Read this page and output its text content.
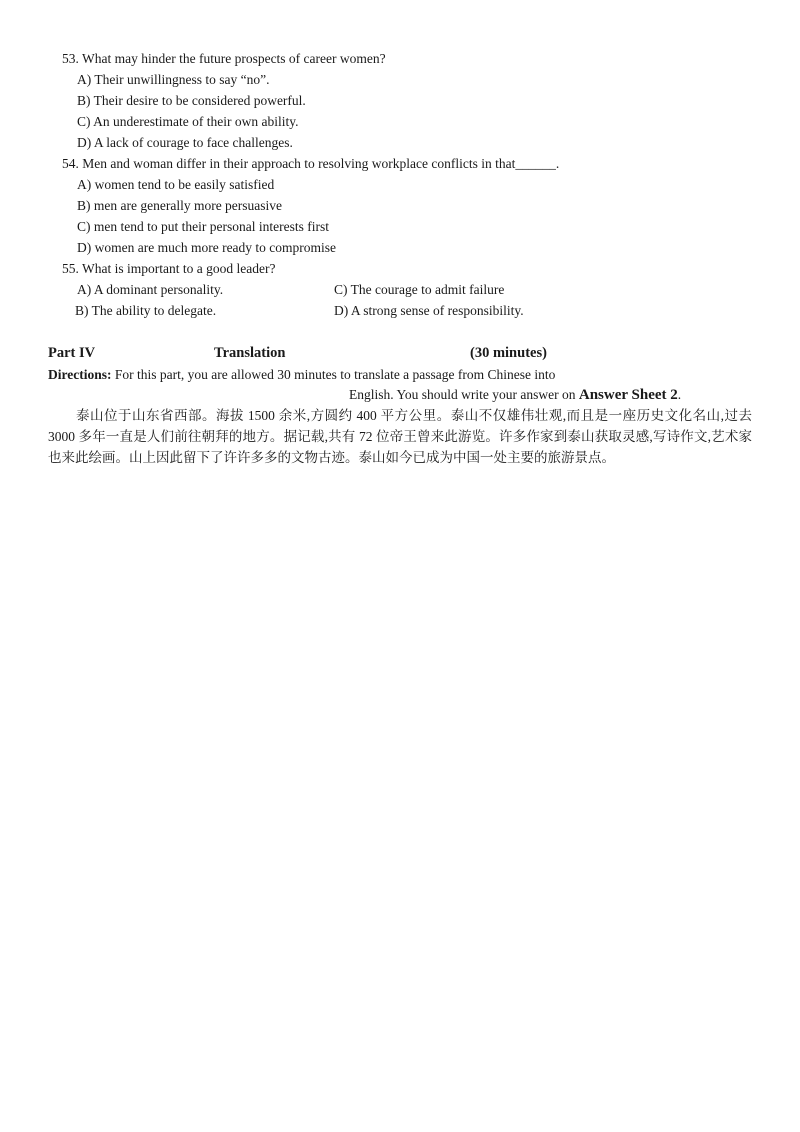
53. What may hinder the future prospects of career women?
A) Their unwillingness to say “no”.
B) Their desire to be considered powerful.
C) An underestimate of their own ability.
D) A lack of courage to face challenges.
54. Men and woman differ in their approach to resolving workplace conflicts in that______.
A) women tend to be easily satisfied
B) men are generally more persuasive
C) men tend to put their personal interests first
D) women are much more ready to compromise
55. What is important to a good leader?
A) A dominant personality.	C) The courage to admit failure
B) The ability to delegate.	D) A strong sense of responsibility.
Part IV	Translation	(30 minutes)
Directions: For this part, you are allowed 30 minutes to translate a passage from Chinese into
English. You should write your answer on Answer Sheet 2.
泰山位于山东省西部。海拔 1500 余米,方圆约 400 平方公里。泰山不仅雄伟壮观,而且是一座历史文化名山,过去 3000 多年一直是人们前往朝拜的地方。据记载,共有 72 位帝王曾来此游览。许多作家到泰山获取灵感,写诗作文,艺术家也来此绘画。山上因此留下了许许多多的文物古迹。泰山如今已成为中国一处主要的旅游景点。
